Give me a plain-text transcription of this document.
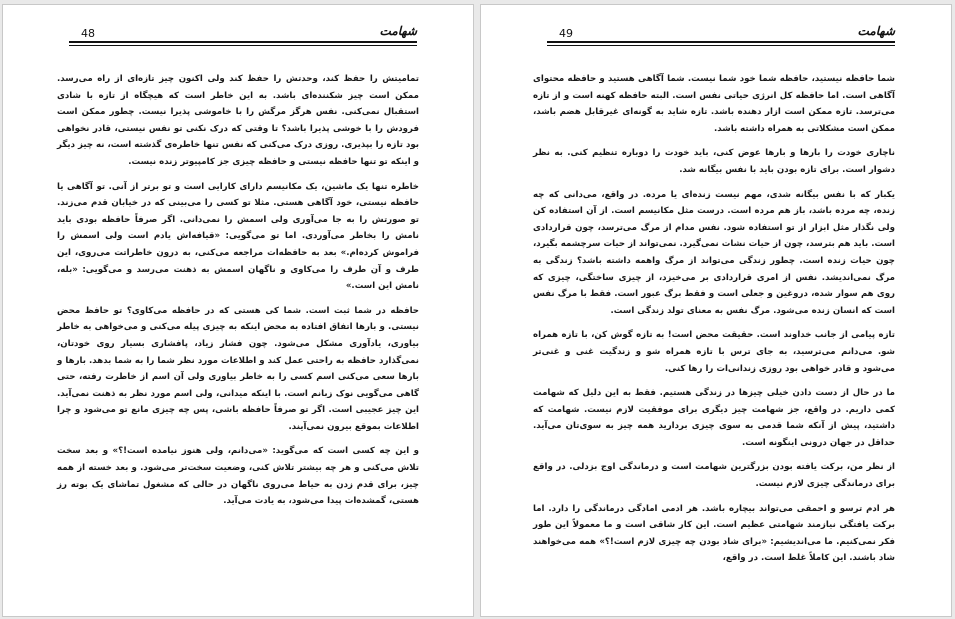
48	شهامت

تمامیتش را حفظ کند، وحدتش را حفظ کند ولی اکنون چیز تازه‌ای از راه می‌رسد. ممکن است چیز شکننده‌ای باشد. به این خاطر است که هیچگاه از تازه با شادی استقبال نمی‌کنی. نفس هرگز مرگش را با خاموشی پذیرا نیست. چطور ممکن است فرودش را با خوشی پذیرا باشد؟ تا وقتی که درک نکنی تو نفس نیستی، قادر نخواهی بود تازه را بپذیری. روزی درک می‌کنی که نفس تنها خاطره‌ی گذشته است، نه چیز دیگر و اینکه تو تنها حافظه نیستی و حافظه چیزی جز کامپیوتر زنده نیست.

خاطره تنها یک ماشین، یک مکانیسم دارای کارایی است و تو برتر از آنی. تو آگاهی یا حافظه نیستی، خود آگاهی هستی. مثلا تو کسی را می‌بینی که در خیابان قدم می‌زند. تو صورتش را به جا می‌آوری ولی اسمش را نمی‌دانی. اگر صرفاً حافظه بودی باید نامش را بخاطر می‌آوردی. اما تو می‌گویی: «قیافه‌اش یادم است ولی اسمش را فراموش کرده‌ام.» بعد به حافظه‌ات مراجعه می‌کنی، به درون خاطراتت می‌روی، این طرف و آن طرف را می‌کاوی و ناگهان اسمش به ذهنت می‌رسد و می‌گویی: «بله، نامش این است.»

حافظه در شما ثبت است. شما کی هستی که در حافظه می‌کاوی؟ تو حافظ محض نیستی. و بارها اتفاق افتاده به محض اینکه به چیزی پیله می‌کنی و می‌خواهی به خاطر بیاوری، یادآوری مشکل می‌شود. چون فشار زیاد، پافشاری بسیار روی خودتان، نمی‌گذارد حافظه به راحتی عمل کند و اطلاعات مورد نظر شما را به شما بدهد. بارها و بارها سعی می‌کنی اسم کسی را به خاطر بیاوری ولی آن اسم از خاطرت رفته، حتی گاهی می‌گویی نوک زبانم است. با اینکه میدانی، ولی اسم مورد نظر به ذهنت نمی‌آید. این چیز عجیبی است. اگر تو صرفاً حافظه باشی، پس چه چیزی مانع تو می‌شود و چرا اطلاعات بموقع بیرون نمی‌آیند.

و این چه کسی است که می‌گوید: «می‌دانم، ولی هنوز نیامده است!؟» و بعد سخت تلاش می‌کنی و هر چه بیشتر تلاش کنی، وضعیت سخت‌تر می‌شود. و بعد خسته از همه چیز، برای قدم زدن به حیاط می‌روی ناگهان در حالی که مشغول تماشای یک بوته رز هستی، گمشده‌ات پیدا می‌شود، به یادت می‌آید.

49	شهامت

شما حافظه نیستید، حافظه شما خود شما نیست. شما آگاهی هستید و حافظه محتوای آگاهی است. اما حافظه کل انرژی حیاتی نفس است. البته حافظه کهنه است و از تازه می‌ترسد. تازه ممکن است ازار دهنده باشد. تازه شاید به گونه‌ای غیرقابل هضم باشد، ممکن است مشکلاتی به همراه داشته باشد.

ناچاری خودت را بارها و بارها عوض کنی، باید خودت را دوباره تنظیم کنی. به نظر دشوار است. برای تازه بودن باید با نفس بیگانه شد.

یکبار که با نفس بیگانه شدی، مهم نیست زنده‌ای یا مرده. در واقع، می‌دانی که چه زنده، چه مرده باشد، باز هم مرده است. درست مثل مکانیسم است. از آن استفاده کن ولی نگذار مثل ابزار از تو استفاده شود. نفس مدام از مرگ می‌ترسد، چون قراردادی است. باید هم بترسد، چون از حیات نشات نمی‌گیرد. نمی‌تواند از حیات سرچشمه بگیرد، چون حیات زنده است. چطور زندگی می‌تواند از مرگ واهمه داشته باشد؟ زندگی به مرگ نمی‌اندیشد. نفس از امری قراردادی بر می‌خیزد، از چیزی ساختگی، چیزی که روی هم سوار شده، دروغین و جعلی است و فقط برگ عبور است. فقط با مرگ نفس است که انسان زنده می‌شود. مرگ نفس به معنای تولد زندگی است.

تازه پیامی از جانب خداوند است. حقیقت محض است! به تازه گوش کن، با تازه همراه شو. می‌دانم می‌ترسید، به جای ترس با تازه همراه شو و زندگیت غنی و غنی‌تر می‌شود و قادر خواهی بود روزی زندانی‌ات را رها کنی.

ما در حال از دست دادن خیلی چیزها در زندگی هستیم. فقط به این دلیل که شهامت کمی داریم. در واقع، جز شهامت چیز دیگری برای موفقیت لازم نیست. شهامت که داشتید، پیش از آنکه شما قدمی به سوی چیزی بردارید همه چیز به سوی‌تان می‌آید. حداقل در جهان درونی اینگونه است.

از نظر من، برکت یافته بودن بزرگترین شهامت است و درماندگی اوج بزدلی. در واقع برای درماندگی چیزی لازم نیست.

هر ادم ترسو و احمقی می‌تواند بیچاره باشد. هر ادمی امادگی درماندگی را دارد. اما برکت یافتگی نیازمند شهامتی عظیم است. این کار شاقی است و ما معمولاً این طور فکر نمی‌کنیم. ما می‌اندیشیم: «برای شاد بودن چه چیزی لازم است!؟» همه می‌خواهند شاد باشند. این کاملاً غلط است. در واقع،
